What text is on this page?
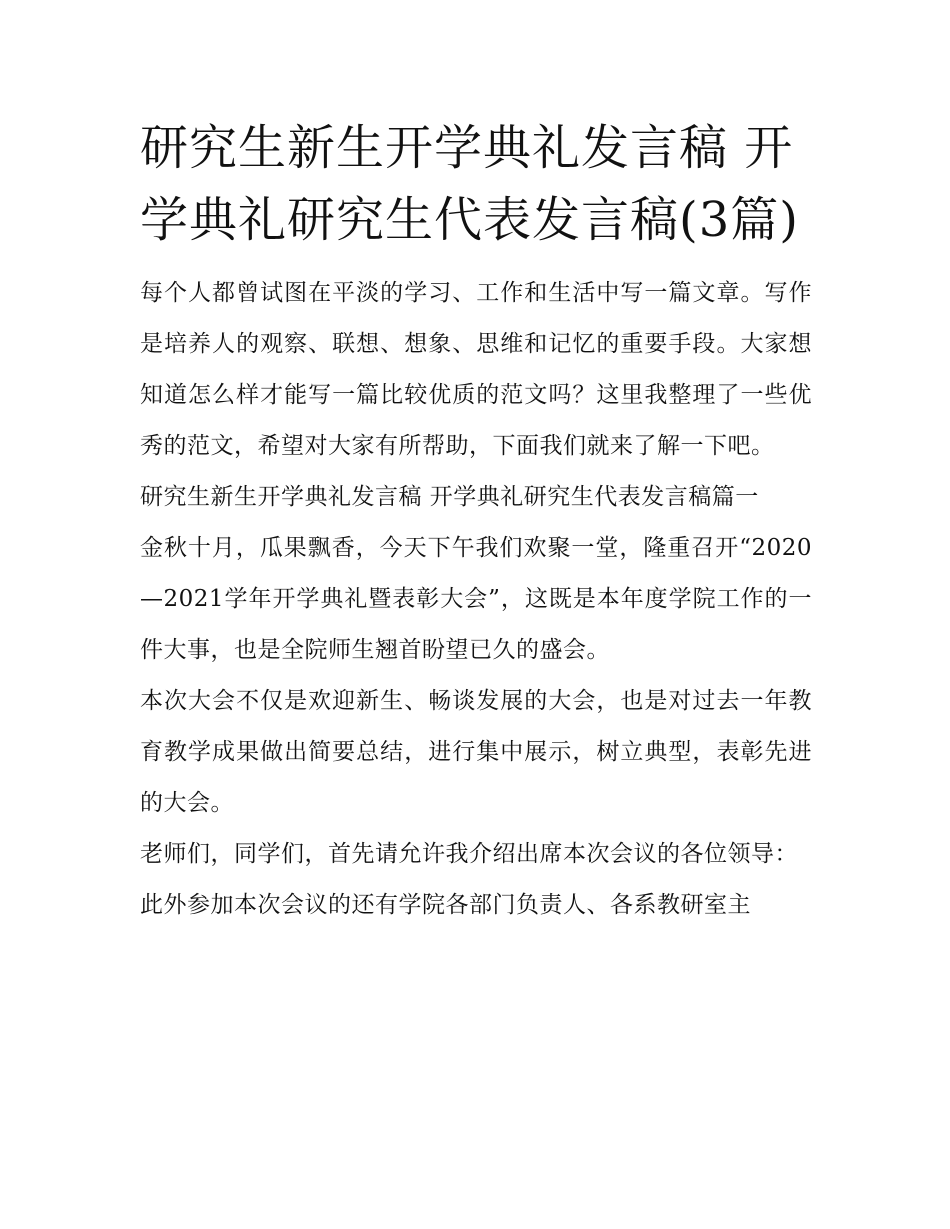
研究生新生开学典礼发言稿 开学典礼研究生代表发言稿(3篇)

每个人都曾试图在平淡的学习、工作和生活中写一篇文章。写作是培养人的观察、联想、想象、思维和记忆的重要手段。大家想知道怎么样才能写一篇比较优质的范文吗？这里我整理了一些优秀的范文，希望对大家有所帮助，下面我们就来了解一下吧。

研究生新生开学典礼发言稿 开学典礼研究生代表发言稿篇一

金秋十月，瓜果飘香，今天下午我们欢聚一堂，隆重召开“2020—2021学年开学典礼暨表彰大会”，这既是本年度学院工作的一件大事，也是全院师生翘首盼望已久的盛会。

本次大会不仅是欢迎新生、畅谈发展的大会，也是对过去一年教育教学成果做出简要总结，进行集中展示，树立典型，表彰先进的大会。

老师们，同学们，首先请允许我介绍出席本次会议的各位领导：

此外参加本次会议的还有学院各部门负责人、各系教研室主
